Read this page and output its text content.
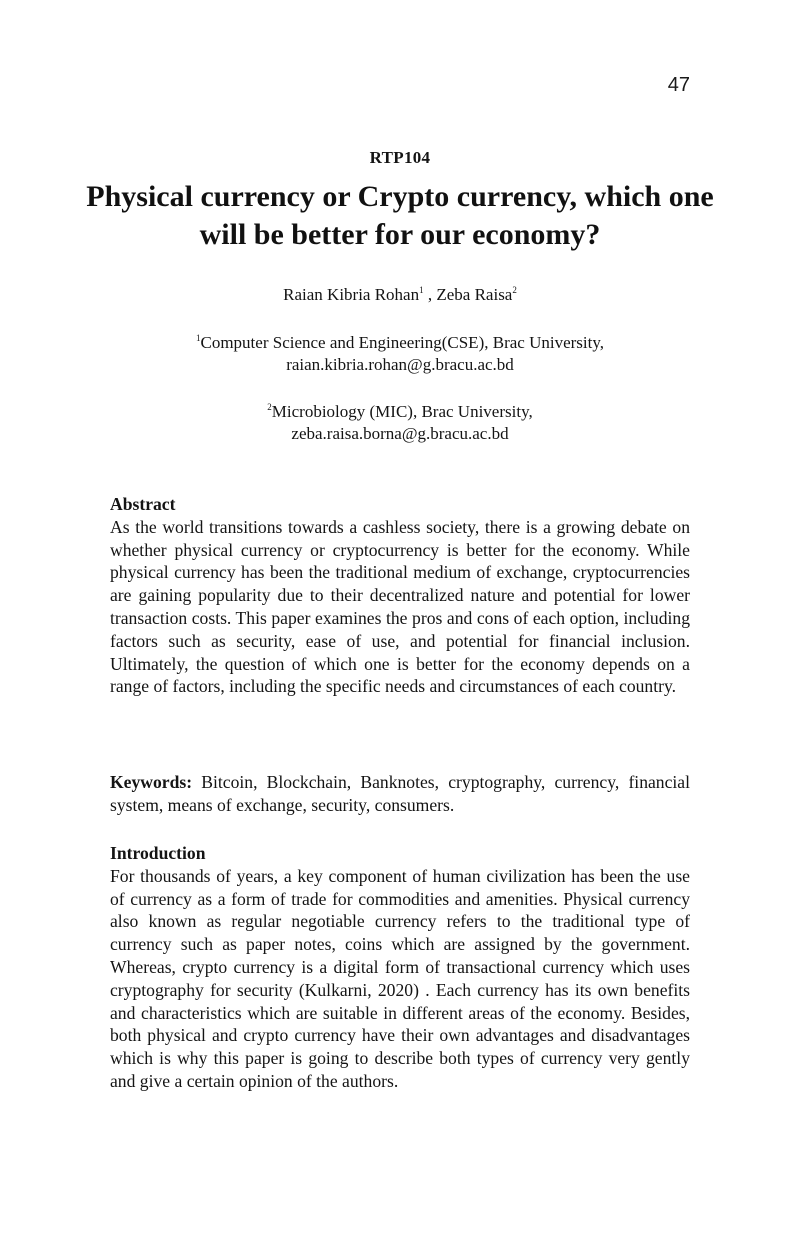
47
RTP104
Physical currency or Crypto currency, which one will be better for our economy?
Raian Kibria Rohan$^1$ , Zeba Raisa$^2$
$^1$Computer Science and Engineering(CSE), Brac University,
raian.kibria.rohan@g.bracu.ac.bd
$^2$Microbiology (MIC), Brac University,
zeba.raisa.borna@g.bracu.ac.bd
Abstract

As the world transitions towards a cashless society, there is a growing debate on whether physical currency or cryptocurrency is better for the economy. While physical currency has been the traditional medium of exchange, cryptocurrencies are gaining popularity due to their decentralized nature and potential for lower transaction costs. This paper examines the pros and cons of each option, including factors such as security, ease of use, and potential for financial inclusion. Ultimately, the question of which one is better for the economy depends on a range of factors, including the specific needs and circumstances of each country.

Keywords: Bitcoin, Blockchain, Banknotes, cryptography, currency, financial system, means of exchange, security, consumers.

Introduction

For thousands of years, a key component of human civilization has been the use of currency as a form of trade for commodities and amenities. Physical currency also known as regular negotiable currency refers to the traditional type of currency such as paper notes, coins which are assigned by the government. Whereas, crypto currency is a digital form of transactional currency which uses cryptography for security (Kulkarni, 2020) . Each currency has its own benefits and characteristics which are suitable in different areas of the economy. Besides, both physical and crypto currency have their own advantages and disadvantages which is why this paper is going to describe both types of currency very gently and give a certain opinion of the authors.
